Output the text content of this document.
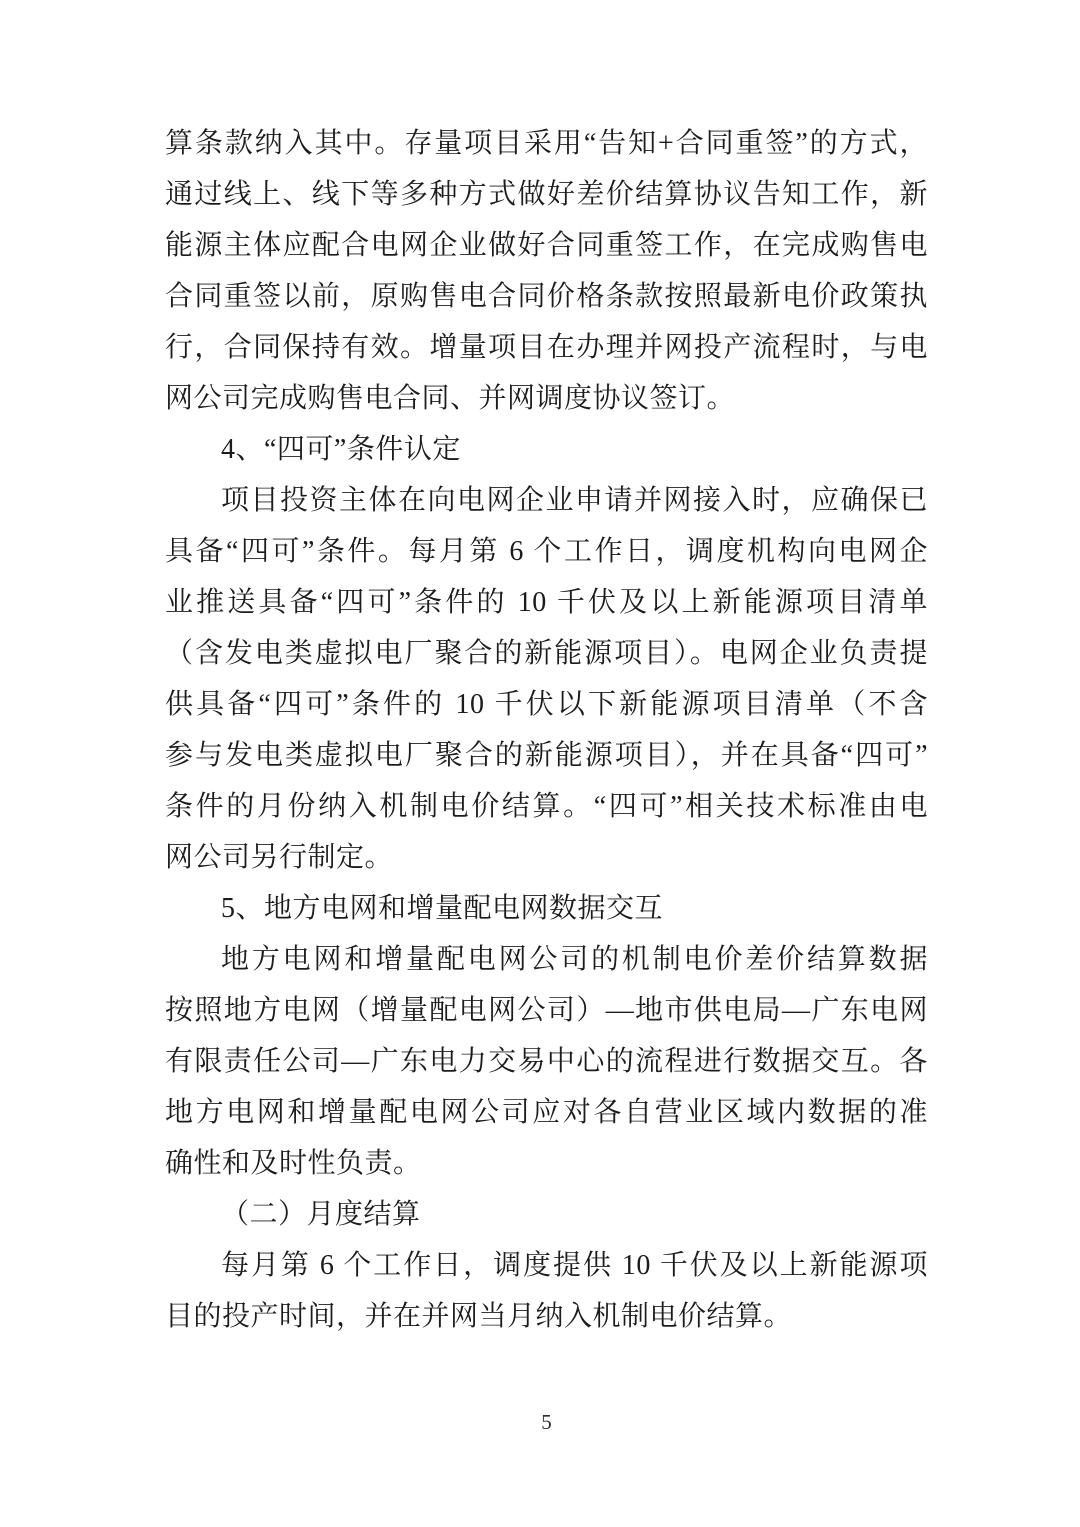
算条款纳入其中。存量项目采用“告知+合同重签”的方式，

通过线上、线下等多种方式做好差价结算协议告知工作，新

能源主体应配合电网企业做好合同重签工作，在完成购售电

合同重签以前，原购售电合同价格条款按照最新电价政策执

行，合同保持有效。增量项目在办理并网投产流程时，与电

网公司完成购售电合同、并网调度协议签订。

4、“四可”条件认定

项目投资主体在向电网企业申请并网接入时，应确保已

具备“四可”条件。每月第 6 个工作日，调度机构向电网企

业推送具备“四可”条件的 10 千伏及以上新能源项目清单

（含发电类虚拟电厂聚合的新能源项目）。电网企业负责提

供具备“四可”条件的 10 千伏以下新能源项目清单（不含

参与发电类虚拟电厂聚合的新能源项目），并在具备“四可”

条件的月份纳入机制电价结算。“四可”相关技术标准由电

网公司另行制定。

5、地方电网和增量配电网数据交互

地方电网和增量配电网公司的机制电价差价结算数据

按照地方电网（增量配电网公司）—地市供电局—广东电网

有限责任公司—广东电力交易中心的流程进行数据交互。各

地方电网和增量配电网公司应对各自营业区域内数据的准

确性和及时性负责。

（二）月度结算

每月第 6 个工作日，调度提供 10 千伏及以上新能源项

目的投产时间，并在并网当月纳入机制电价结算。

5
